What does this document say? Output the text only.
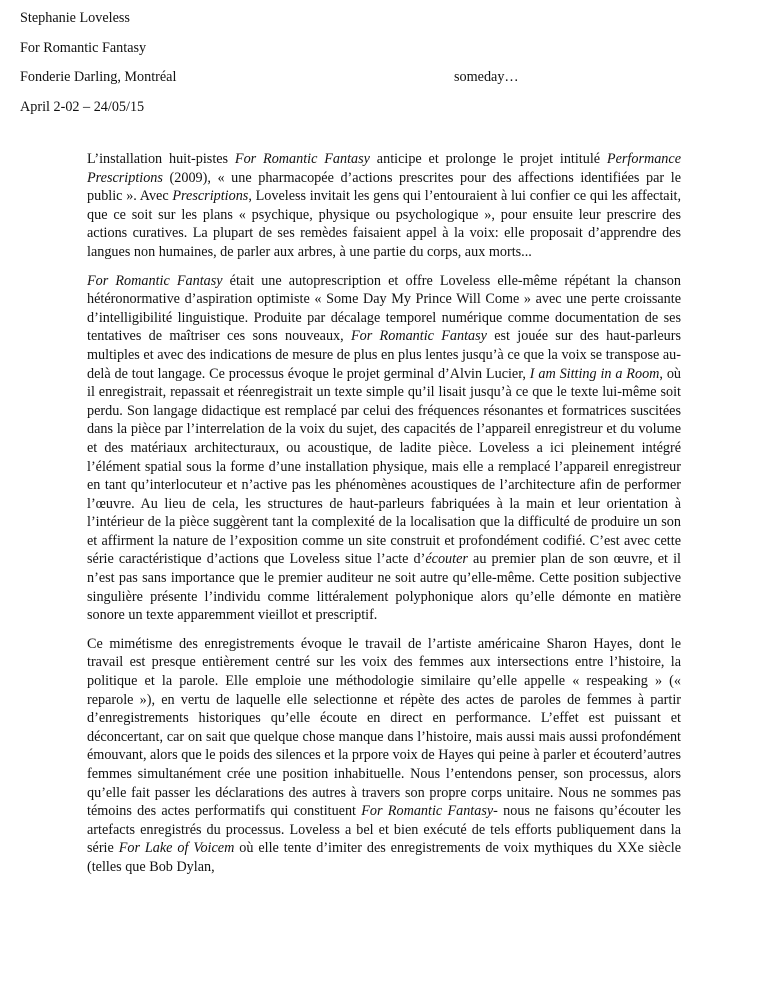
Stephanie Loveless
For Romantic Fantasy
Fonderie Darling, Montréal	someday…
April 2-02 – 24/05/15

L’installation huit-pistes For Romantic Fantasy anticipe et prolonge le projet intitulé Performance Prescriptions (2009), « une pharmacopée d’actions prescrites pour des affections identifiées par le public ». Avec Prescriptions, Loveless invitait les gens qui l’entouraient à lui confier ce qui les affectait, que ce soit sur les plans « psychique, physique ou psychologique », pour ensuite leur prescrire des actions curatives. La plupart de ses remèdes faisaient appel à la voix: elle proposait d’apprendre des langues non humaines, de parler aux arbres, à une partie du corps, aux morts...

For Romantic Fantasy était une autoprescription et offre Loveless elle-même répétant la chanson hétéronormative d’aspiration optimiste « Some Day My Prince Will Come » avec une perte croissante d’intelligibilité linguistique. Produite par décalage temporel numérique comme documentation de ses tentatives de maîtriser ces sons nouveaux, For Romantic Fantasy est jouée sur des haut-parleurs multiples et avec des indications de mesure de plus en plus lentes jusqu’à ce que la voix se transpose au-delà de tout langage. Ce processus évoque le projet germinal d’Alvin Lucier, I am Sitting in a Room, où il enregistrait, repassait et réenregistrait un texte simple qu’il lisait jusqu’à ce que le texte lui-même soit perdu. Son langage didactique est remplacé par celui des fréquences résonantes et formatrices suscitées dans la pièce par l’interrelation de la voix du sujet, des capacités de l’appareil enregistreur et du volume et des matériaux architecturaux, ou acoustique, de ladite pièce. Loveless a ici pleinement intégré l’élément spatial sous la forme d’une installation physique, mais elle a remplacé l’appareil enregistreur en tant qu’interlocuteur et n’active pas les phénomènes acoustiques de l’architecture afin de performer l’œuvre. Au lieu de cela, les structures de haut-parleurs fabriquées à la main et leur orientation à l’intérieur de la pièce suggèrent tant la complexité de la localisation que la difficulté de produire un son et affirment la nature de l’exposition comme un site construit et profondément codifié. C’est avec cette série caractéristique d’actions que Loveless situe l’acte d’écouter au premier plan de son œuvre, et il n’est pas sans importance que le premier auditeur ne soit autre qu’elle-même. Cette position subjective singulière présente l’individu comme littéralement polyphonique alors qu’elle démonte en matière sonore un texte apparemment vieillot et prescriptif.

Ce mimétisme des enregistrements évoque le travail de l’artiste américaine Sharon Hayes, dont le travail est presque entièrement centré sur les voix des femmes aux intersections entre l’histoire, la politique et la parole. Elle emploie une méthodologie similaire qu’elle appelle « respeaking » (« reparole »), en vertu de laquelle elle selectionne et répète des actes de paroles de femmes à partir d’enregistrements historiques qu’elle écoute en direct en performance. L’effet est puissant et déconcertant, car on sait que quelque chose manque dans l’histoire, mais aussi mais aussi profondément émouvant, alors que le poids des silences et la prpore voix de Hayes qui peine à parler et écouterd’autres femmes simultanément crée une position inhabituelle. Nous l’entendons penser, son processus, alors qu’elle fait passer les déclarations des autres à travers son propre corps unitaire. Nous ne sommes pas témoins des actes performatifs qui constituent For Romantic Fantasy- nous ne faisons qu’écouter les artefacts enregistrés du processus. Loveless a bel et bien exécuté de tels efforts publiquement dans la série For Lake of Voicem où elle tente d’imiter des enregistrements de voix mythiques du XXe siècle (telles que Bob Dylan,
